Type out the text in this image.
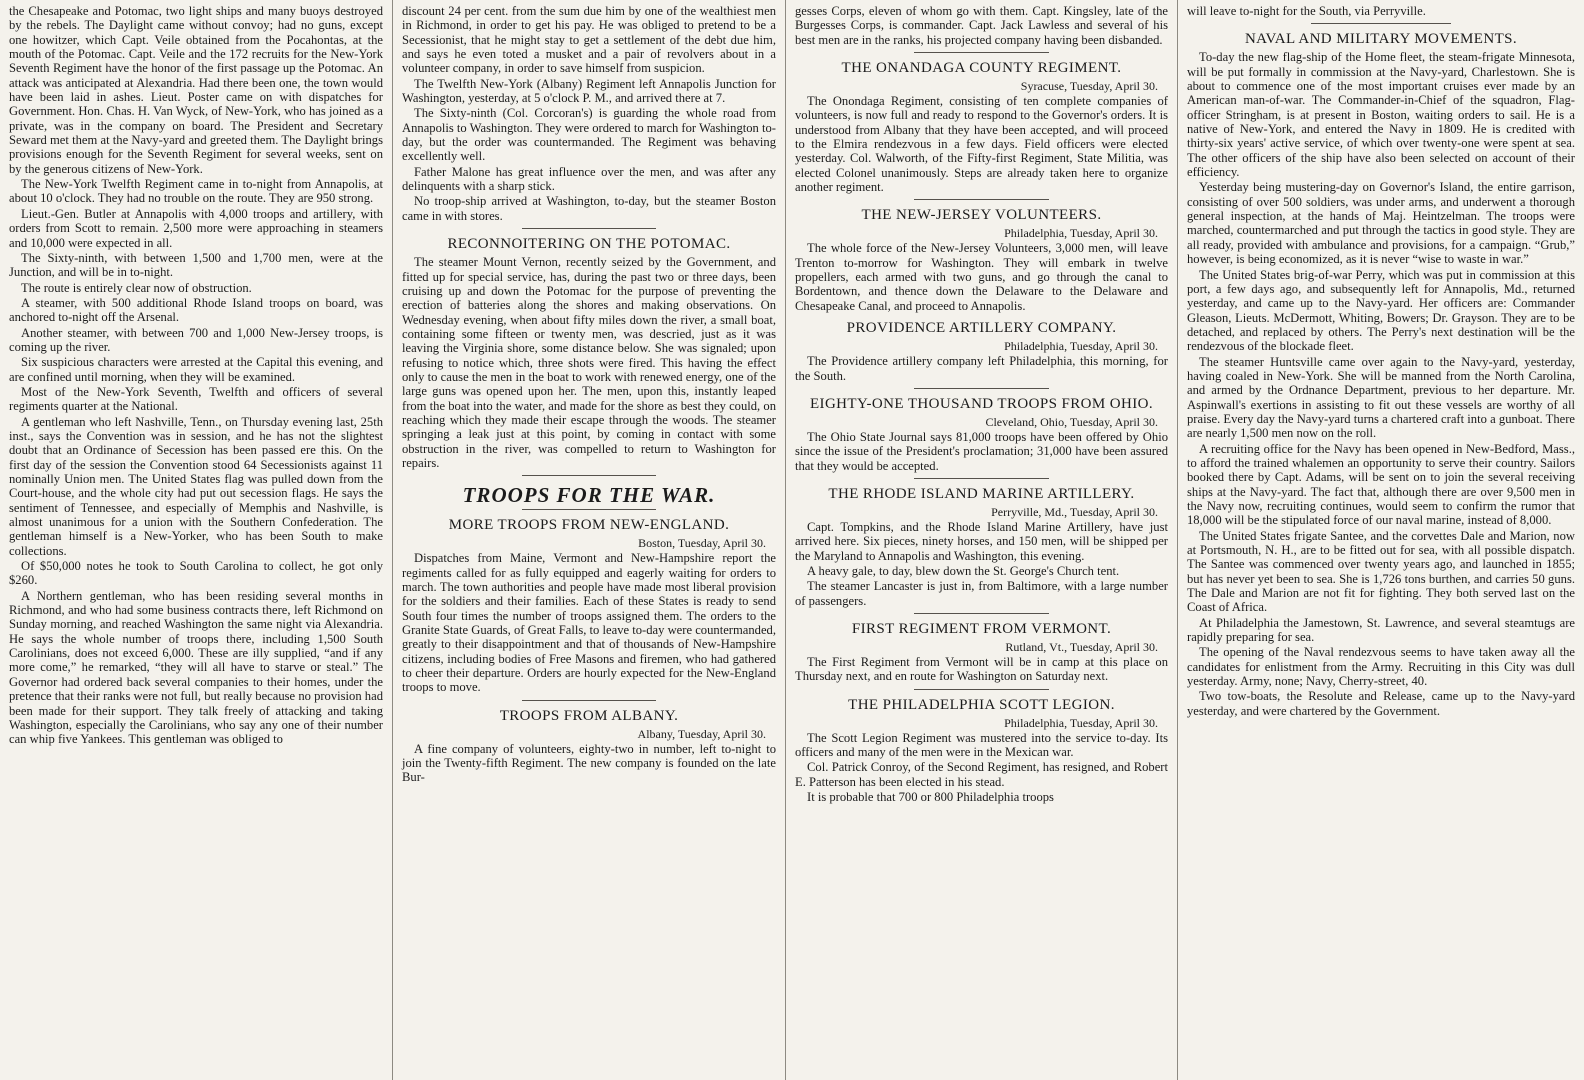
the Chesapeake and Potomac, two light ships and many buoys destroyed by the rebels. The Daylight came without convoy; had no guns, except one howitzer, which Capt. Veile obtained from the Pocahontas, at the mouth of the Potomac. Capt. Veile and the 172 recruits for the New-York Seventh Regiment have the honor of the first passage up the Potomac. An attack was anticipated at Alexandria. Had there been one, the town would have been laid in ashes. Lieut. Poster came on with dispatches for Government. Hon. Chas. H. Van Wyck, of New-York, who has joined as a private, was in the company on board. The President and Secretary Seward met them at the Navy-yard and greeted them. The Daylight brings provisions enough for the Seventh Regiment for several weeks, sent on by the generous citizens of New-York.

The New-York Twelfth Regiment came in to-night from Annapolis, at about 10 o'clock. They had no trouble on the route. They are 950 strong.

Lieut.-Gen. Butler at Annapolis with 4,000 troops and artillery, with orders from Scott to remain. 2,500 more were approaching in steamers and 10,000 were expected in all.

The Sixty-ninth, with between 1,500 and 1,700 men, were at the Junction, and will be in to-night.

The route is entirely clear now of obstruction.

A steamer, with 500 additional Rhode Island troops on board, was anchored to-night off the Arsenal.

Another steamer, with between 700 and 1,000 New-Jersey troops, is coming up the river.

Six suspicious characters were arrested at the Capital this evening, and are confined until morning, when they will be examined.

Most of the New-York Seventh, Twelfth and officers of several regiments quarter at the National.

A gentleman who left Nashville, Tenn., on Thursday evening last, 25th inst., says the Convention was in session, and he has not the slightest doubt that an Ordinance of Secession has been passed ere this. On the first day of the session the Convention stood 64 Secessionists against 11 nominally Union men. The United States flag was pulled down from the Court-house, and the whole city had put out secession flags. He says the sentiment of Tennessee, and especially of Memphis and Nashville, is almost unanimous for a union with the Southern Confederation. The gentleman himself is a New-Yorker, who has been South to make collections.

Of $50,000 notes he took to South Carolina to collect, he got only $260.

A Northern gentleman, who has been residing several months in Richmond, and who had some business contracts there, left Richmond on Sunday morning, and reached Washington the same night via Alexandria. He says the whole number of troops there, including 1,500 South Carolinians, does not exceed 6,000. These are illy supplied, “and if any more come,” he remarked, “they will all have to starve or steal.” The Governor had ordered back several companies to their homes, under the pretence that their ranks were not full, but really because no provision had been made for their support. They talk freely of attacking and taking Washington, especially the Carolinians, who say any one of their number can whip five Yankees. This gentleman was obliged to

discount 24 per cent. from the sum due him by one of the wealthiest men in Richmond, in order to get his pay. He was obliged to pretend to be a Secessionist, that he might stay to get a settlement of the debt due him, and says he even toted a musket and a pair of revolvers about in a volunteer company, in order to save himself from suspicion.

The Twelfth New-York (Albany) Regiment left Annapolis Junction for Washington, yesterday, at 5 o'clock P. M., and arrived there at 7.

The Sixty-ninth (Col. Corcoran's) is guarding the whole road from Annapolis to Washington. They were ordered to march for Washington to-day, but the order was countermanded. The Regiment was behaving excellently well.

Father Malone has great influence over the men, and was after any delinquents with a sharp stick.

No troop-ship arrived at Washington, to-day, but the steamer Boston came in with stores.

RECONNOITERING ON THE POTOMAC.

The steamer Mount Vernon, recently seized by the Government, and fitted up for special service, has, during the past two or three days, been cruising up and down the Potomac for the purpose of preventing the erection of batteries along the shores and making observations. On Wednesday evening, when about fifty miles down the river, a small boat, containing some fifteen or twenty men, was descried, just as it was leaving the Virginia shore, some distance below. She was signaled; upon refusing to notice which, three shots were fired. This having the effect only to cause the men in the boat to work with renewed energy, one of the large guns was opened upon her. The men, upon this, instantly leaped from the boat into the water, and made for the shore as best they could, on reaching which they made their escape through the woods. The steamer springing a leak just at this point, by coming in contact with some obstruction in the river, was compelled to return to Washington for repairs.

TROOPS FOR THE WAR.
MORE TROOPS FROM NEW-ENGLAND.
Boston, Tuesday, April 30.

Dispatches from Maine, Vermont and New-Hampshire report the regiments called for as fully equipped and eagerly waiting for orders to march. The town authorities and people have made most liberal provision for the soldiers and their families. Each of these States is ready to send South four times the number of troops assigned them. The orders to the Granite State Guards, of Great Falls, to leave to-day were countermanded, greatly to their disappointment and that of thousands of New-Hampshire citizens, including bodies of Free Masons and firemen, who had gathered to cheer their departure. Orders are hourly expected for the New-England troops to move.

TROOPS FROM ALBANY.
Albany, Tuesday, April 30.

A fine company of volunteers, eighty-two in number, left to-night to join the Twenty-fifth Regiment. The new company is founded on the late Bur-

gesses Corps, eleven of whom go with them. Capt. Kingsley, late of the Burgesses Corps, is commander. Capt. Jack Lawless and several of his best men are in the ranks, his projected company having been disbanded.

THE ONANDAGA COUNTY REGIMENT.
Syracuse, Tuesday, April 30.

The Onondaga Regiment, consisting of ten complete companies of volunteers, is now full and ready to respond to the Governor's orders. It is understood from Albany that they have been accepted, and will proceed to the Elmira rendezvous in a few days. Field officers were elected yesterday. Col. Walworth, of the Fifty-first Regiment, State Militia, was elected Colonel unanimously. Steps are already taken here to organize another regiment.

THE NEW-JERSEY VOLUNTEERS.
Philadelphia, Tuesday, April 30.

The whole force of the New-Jersey Volunteers, 3,000 men, will leave Trenton to-morrow for Washington. They will embark in twelve propellers, each armed with two guns, and go through the canal to Bordentown, and thence down the Delaware to the Delaware and Chesapeake Canal, and proceed to Annapolis.

PROVIDENCE ARTILLERY COMPANY.
Philadelphia, Tuesday, April 30.

The Providence artillery company left Philadelphia, this morning, for the South.

EIGHTY-ONE THOUSAND TROOPS FROM OHIO.
Cleveland, Ohio, Tuesday, April 30.

The Ohio State Journal says 81,000 troops have been offered by Ohio since the issue of the President's proclamation; 31,000 have been assured that they would be accepted.

THE RHODE ISLAND MARINE ARTILLERY.
Perryville, Md., Tuesday, April 30.

Capt. Tompkins, and the Rhode Island Marine Artillery, have just arrived here. Six pieces, ninety horses, and 150 men, will be shipped per the Maryland to Annapolis and Washington, this evening.

A heavy gale, to day, blew down the St. George's Church tent.

The steamer Lancaster is just in, from Baltimore, with a large number of passengers.

FIRST REGIMENT FROM VERMONT.
Rutland, Vt., Tuesday, April 30.

The First Regiment from Vermont will be in camp at this place on Thursday next, and en route for Washington on Saturday next.

THE PHILADELPHIA SCOTT LEGION.
Philadelphia, Tuesday, April 30.

The Scott Legion Regiment was mustered into the service to-day. Its officers and many of the men were in the Mexican war.

Col. Patrick Conroy, of the Second Regiment, has resigned, and Robert E. Patterson has been elected in his stead.

It is probable that 700 or 800 Philadelphia troops

will leave to-night for the South, via Perryville.

NAVAL AND MILITARY MOVEMENTS.

To-day the new flag-ship of the Home fleet, the steam-frigate Minnesota, will be put formally in commission at the Navy-yard, Charlestown. She is about to commence one of the most important cruises ever made by an American man-of-war. The Commander-in-Chief of the squadron, Flag-officer Stringham, is at present in Boston, waiting orders to sail. He is a native of New-York, and entered the Navy in 1809. He is credited with thirty-six years' active service, of which over twenty-one were spent at sea. The other officers of the ship have also been selected on account of their efficiency.

Yesterday being mustering-day on Governor's Island, the entire garrison, consisting of over 500 soldiers, was under arms, and underwent a thorough general inspection, at the hands of Maj. Heintzelman. The troops were marched, countermarched and put through the tactics in good style. They are all ready, provided with ambulance and provisions, for a campaign. “Grub,” however, is being economized, as it is never “wise to waste in war.”

The United States brig-of-war Perry, which was put in commission at this port, a few days ago, and subsequently left for Annapolis, Md., returned yesterday, and came up to the Navy-yard. Her officers are: Commander Gleason, Lieuts. McDermott, Whiting, Bowers; Dr. Grayson. They are to be detached, and replaced by others. The Perry's next destination will be the rendezvous of the blockade fleet.

The steamer Huntsville came over again to the Navy-yard, yesterday, having coaled in New-York. She will be manned from the North Carolina, and armed by the Ordnance Department, previous to her departure. Mr. Aspinwall's exertions in assisting to fit out these vessels are worthy of all praise. Every day the Navy-yard turns a chartered craft into a gunboat. There are nearly 1,500 men now on the roll.

A recruiting office for the Navy has been opened in New-Bedford, Mass., to afford the trained whalemen an opportunity to serve their country. Sailors booked there by Capt. Adams, will be sent on to join the several receiving ships at the Navy-yard. The fact that, although there are over 9,500 men in the Navy now, recruiting continues, would seem to confirm the rumor that 18,000 will be the stipulated force of our naval marine, instead of 8,000.

The United States frigate Santee, and the corvettes Dale and Marion, now at Portsmouth, N. H., are to be fitted out for sea, with all possible dispatch. The Santee was commenced over twenty years ago, and launched in 1855; but has never yet been to sea. She is 1,726 tons burthen, and carries 50 guns. The Dale and Marion are not fit for fighting. They both served last on the Coast of Africa.

At Philadelphia the Jamestown, St. Lawrence, and several steamtugs are rapidly preparing for sea.

The opening of the Naval rendezvous seems to have taken away all the candidates for enlistment from the Army. Recruiting in this City was dull yesterday. Army, none; Navy, Cherry-street, 40.

Two tow-boats, the Resolute and Release, came up to the Navy-yard yesterday, and were chartered by the Government.
